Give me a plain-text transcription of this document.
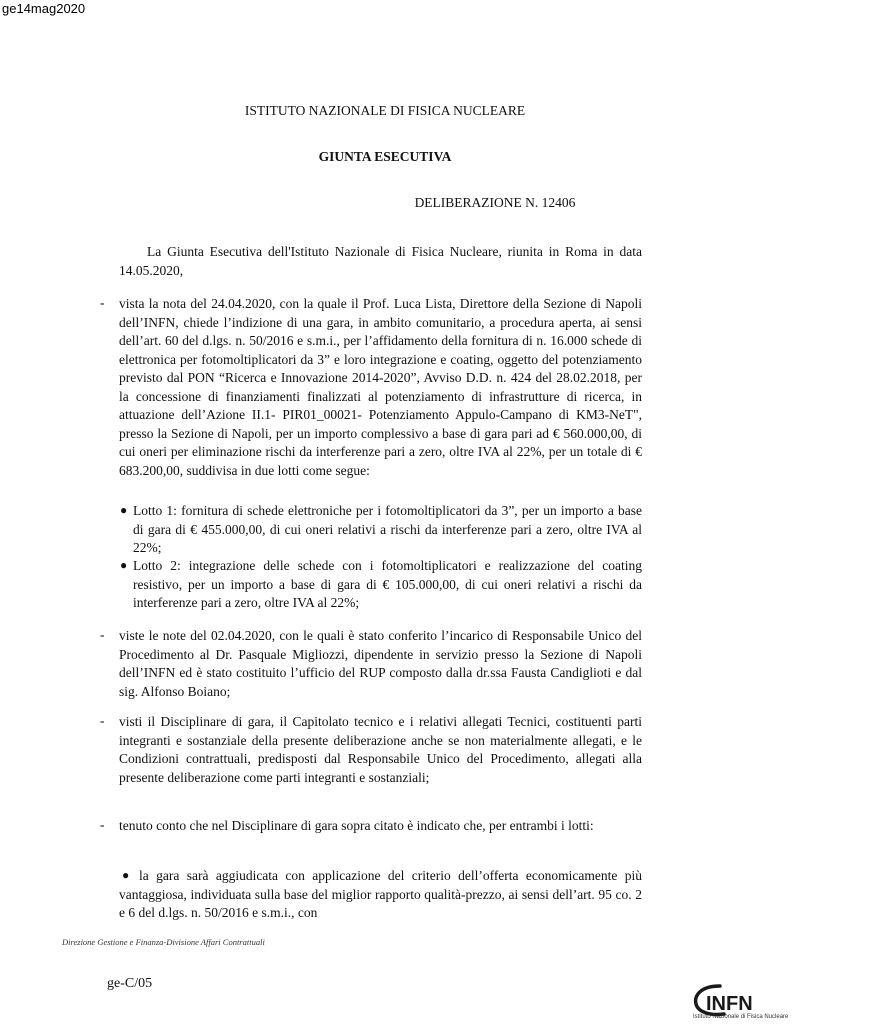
ge14mag2020
ISTITUTO NAZIONALE DI FISICA NUCLEARE
GIUNTA ESECUTIVA
DELIBERAZIONE N. 12406

La Giunta Esecutiva dell'Istituto Nazionale di Fisica Nucleare, riunita in Roma in data 14.05.2020,

- vista la nota del 24.04.2020, con la quale il Prof. Luca Lista, Direttore della Sezione di Napoli dell’INFN, chiede l’indizione di una gara, in ambito comunitario, a procedura aperta, ai sensi dell’art. 60 del d.lgs. n. 50/2016 e s.m.i., per l’affidamento della fornitura di n. 16.000 schede di elettronica per fotomoltiplicatori da 3” e loro integrazione e coating, oggetto del potenziamento previsto dal PON “Ricerca e Innovazione 2014-2020”, Avviso D.D. n. 424 del 28.02.2018, per la concessione di finanziamenti finalizzati al potenziamento di infrastrutture di ricerca, in attuazione dell’Azione II.1- PIR01_00021- Potenziamento Appulo-Campano di KM3-NeT", presso la Sezione di Napoli, per un importo complessivo a base di gara pari ad € 560.000,00, di cui oneri per eliminazione rischi da interferenze pari a zero, oltre IVA al 22%, per un totale di € 683.200,00, suddivisa in due lotti come segue:

● Lotto 1: fornitura di schede elettroniche per i fotomoltiplicatori da 3”, per un importo a base di gara di € 455.000,00, di cui oneri relativi a rischi da interferenze pari a zero, oltre IVA al 22%;

● Lotto 2: integrazione delle schede con i fotomoltiplicatori e realizzazione del coating resistivo, per un importo a base di gara di € 105.000,00, di cui oneri relativi a rischi da interferenze pari a zero, oltre IVA al 22%;

- viste le note del 02.04.2020, con le quali è stato conferito l’incarico di Responsabile Unico del Procedimento al Dr. Pasquale Migliozzi, dipendente in servizio presso la Sezione di Napoli dell’INFN ed è stato costituito l’ufficio del RUP composto dalla dr.ssa Fausta Candiglioti e dal sig. Alfonso Boiano;

- visti il Disciplinare di gara, il Capitolato tecnico e i relativi allegati Tecnici, costituenti parti integranti e sostanziale della presente deliberazione anche se non materialmente allegati, e le Condizioni contrattuali, predisposti dal Responsabile Unico del Procedimento, allegati alla presente deliberazione come parti integranti e sostanziali;

- tenuto conto che nel Disciplinare di gara sopra citato è indicato che, per entrambi i lotti:

● la gara sarà aggiudicata con applicazione del criterio dell’offerta economicamente più vantaggiosa, individuata sulla base del miglior rapporto qualità-prezzo, ai sensi dell’art. 95 co. 2 e 6 del d.lgs. n. 50/2016 e s.m.i., con

Direzione Gestione e Finanza-Divisione Affari Contrattuali
ge-C/05
INFN
Istituto Nazionale di Fisica Nucleare
